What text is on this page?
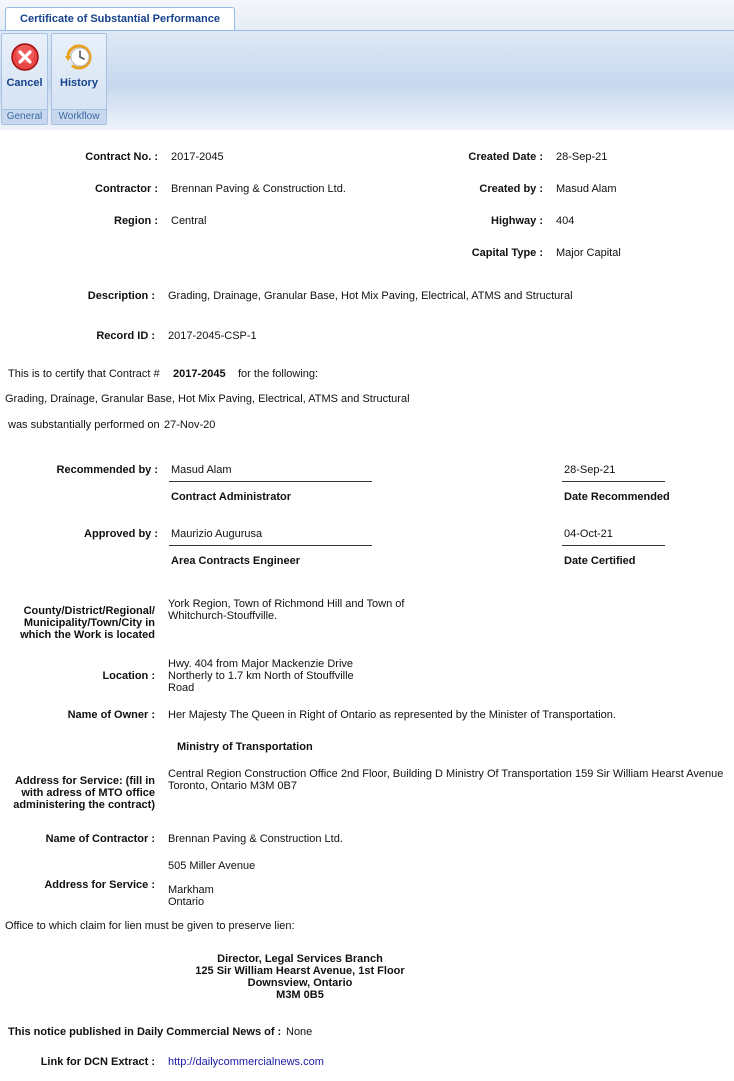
Certificate of Substantial Performance
Cancel
General
History
Workflow
Contract No. : 2017-2045
Contractor : Brennan Paving & Construction Ltd.
Region : Central
Created Date : 28-Sep-21
Created by : Masud Alam
Highway : 404
Capital Type : Major Capital
Description : Grading, Drainage, Granular Base, Hot Mix Paving, Electrical, ATMS and Structural
Record ID : 2017-2045-CSP-1
This is to certify that Contract # 2017-2045 for the following:
Grading, Drainage, Granular Base, Hot Mix Paving, Electrical, ATMS and Structural
was substantially performed on 27-Nov-20
Recommended by : Masud Alam
Contract Administrator
28-Sep-21
Date Recommended
Approved by : Maurizio Augurusa
Area Contracts Engineer
04-Oct-21
Date Certified
County/District/Regional/ Municipality/Town/City in which the Work is located
York Region, Town of Richmond Hill and Town of Whitchurch-Stouffville.
Location :
Hwy. 404 from Major Mackenzie Drive
Northerly to 1.7 km North of Stouffville
Road
Name of Owner : Her Majesty The Queen in Right of Ontario as represented by the Minister of Transportation.
Ministry of Transportation
Address for Service: (fill in with adress of MTO office administering the contract)
Central Region Construction Office 2nd Floor, Building D Ministry Of Transportation 159 Sir William Hearst Avenue Toronto, Ontario M3M 0B7
Name of Contractor : Brennan Paving & Construction Ltd.
505 Miller Avenue
Address for Service : Markham
Ontario
Office to which claim for lien must be given to preserve lien:
Director, Legal Services Branch
125 Sir William Hearst Avenue, 1st Floor
Downsview, Ontario
M3M 0B5
This notice published in Daily Commercial News of : None
Link for DCN Extract : http://dailycommercialnews.com
